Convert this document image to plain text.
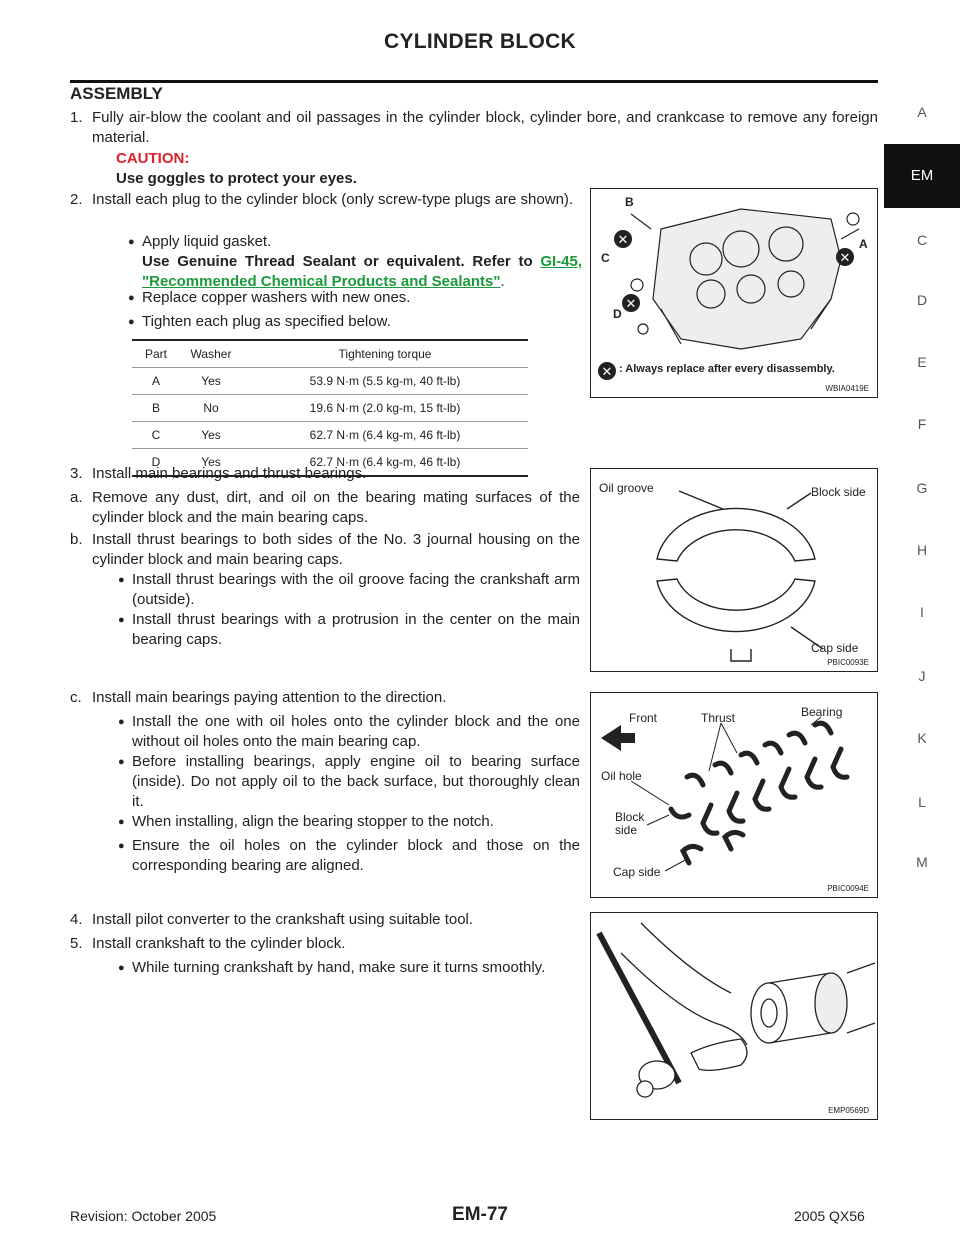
CYLINDER BLOCK
A
EM
C
D
E
F
G
H
I
J
K
L
M
ASSEMBLY
1. Fully air-blow the coolant and oil passages in the cylinder block, cylinder bore, and crankcase to remove any foreign material.
CAUTION:
Use goggles to protect your eyes.
2. Install each plug to the cylinder block (only screw-type plugs are shown).
● Apply liquid gasket.
Use Genuine Thread Sealant or equivalent. Refer to GI-45, "Recommended Chemical Products and Sealants".
● Replace copper washers with new ones.
● Tighten each plug as specified below.
Part	Washer	Tightening torque
A	Yes	53.9 N·m (5.5 kg-m, 40 ft-lb)
B	No	19.6 N·m (2.0 kg-m, 15 ft-lb)
C	Yes	62.7 N·m (6.4 kg-m, 46 ft-lb)
D	Yes	62.7 N·m (6.4 kg-m, 46 ft-lb)
✕
✕
✕
✕
B
C
D
A
: Always replace after every disassembly.
WBIA0419E
3. Install main bearings and thrust bearings.
a. Remove any dust, dirt, and oil on the bearing mating surfaces of the cylinder block and the main bearing caps.
b. Install thrust bearings to both sides of the No. 3 journal housing on the cylinder block and main bearing caps.
● Install thrust bearings with the oil groove facing the crankshaft arm (outside).
● Install thrust bearings with a protrusion in the center on the main bearing caps.
Oil groove	Block side
Cap side
PBIC0093E
c. Install main bearings paying attention to the direction.
● Install the one with oil holes onto the cylinder block and the one without oil holes onto the main bearing cap.
● Before installing bearings, apply engine oil to bearing surface (inside). Do not apply oil to the back surface, but thoroughly clean it.
● When installing, align the bearing stopper to the notch.
● Ensure the oil holes on the cylinder block and those on the corresponding bearing are aligned.
Front	Thrust	Bearing
Oil hole
Block
side
Cap side
PBIC0094E
4. Install pilot converter to the crankshaft using suitable tool.
5. Install crankshaft to the cylinder block.
● While turning crankshaft by hand, make sure it turns smoothly.
EMP0569D
Revision: October 2005	EM-77	2005 QX56
